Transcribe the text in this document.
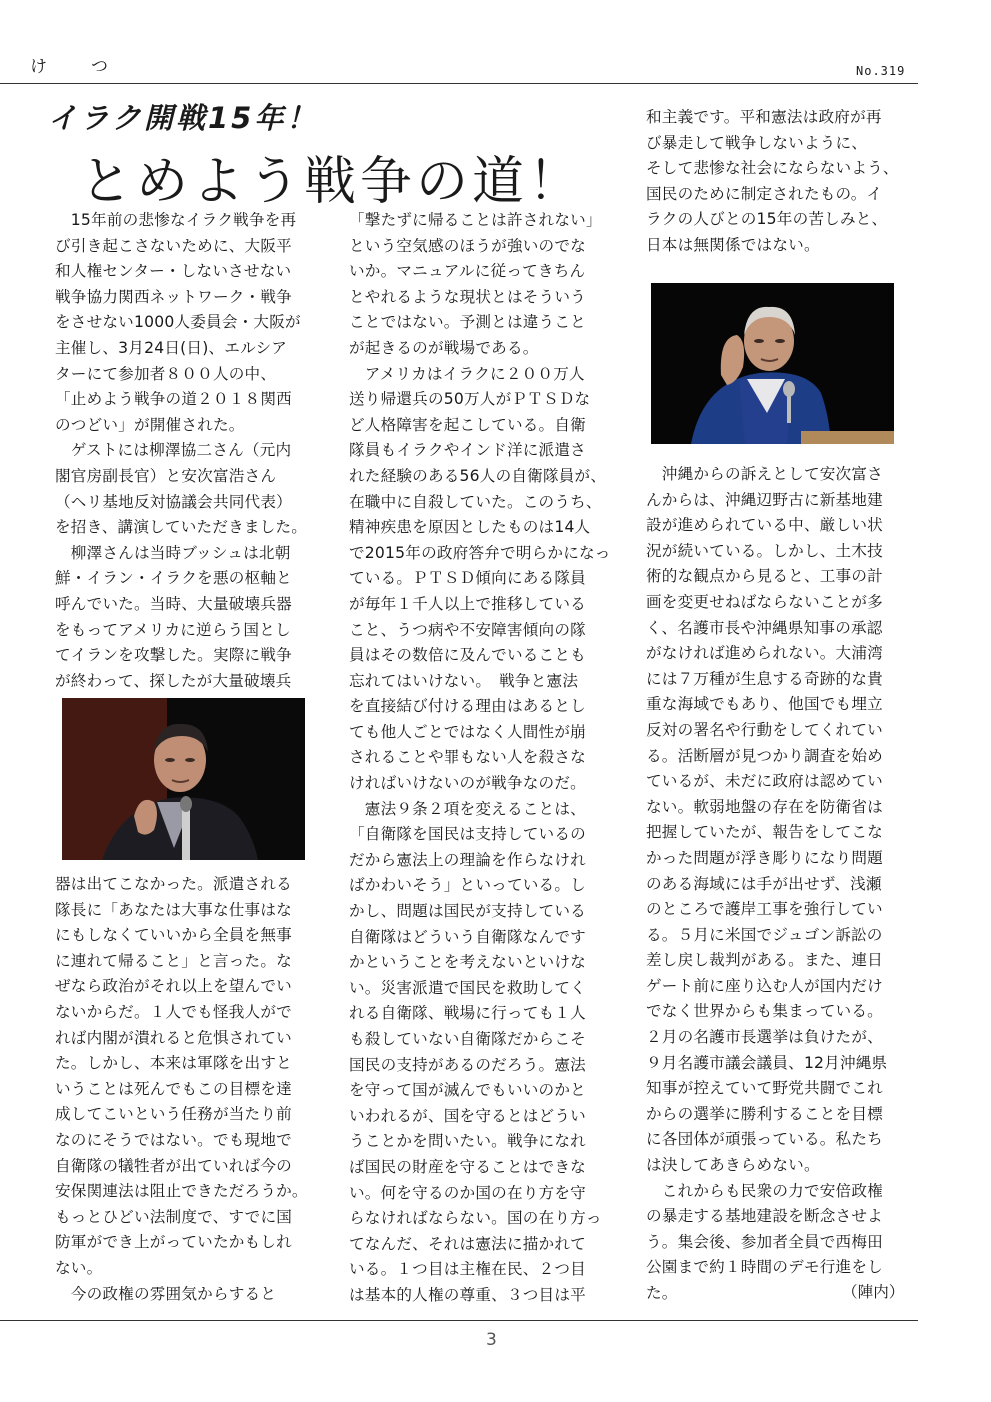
け つ	No.319
イラク開戦15年！
とめよう戦争の道！

　15年前の悲惨なイラク戦争を再
び引き起こさないために、大阪平
和人権センター・しないさせない
戦争協力関西ネットワーク・戦争
をさせない1000人委員会・大阪が
主催し、3月24日(日)、エルシア
ターにて参加者８００人の中、
「止めよう戦争の道２０１８関西
のつどい」が開催された。
　ゲストには柳澤協二さん（元内
閣官房副長官）と安次富浩さん
（ヘリ基地反対協議会共同代表）
を招き、講演していただきました。
　柳澤さんは当時ブッシュは北朝
鮮・イラン・イラクを悪の枢軸と
呼んでいた。当時、大量破壊兵器
をもってアメリカに逆らう国とし
てイランを攻撃した。実際に戦争
が終わって、探したが大量破壊兵

器は出てこなかった。派遣される
隊長に「あなたは大事な仕事はな
にもしなくていいから全員を無事
に連れて帰ること」と言った。な
ぜなら政治がそれ以上を望んでい
ないからだ。１人でも怪我人がで
れば内閣が潰れると危惧されてい
た。しかし、本来は軍隊を出すと
いうことは死んでもこの目標を達
成してこいという任務が当たり前
なのにそうではない。でも現地で
自衛隊の犠牲者が出ていれば今の
安保関連法は阻止できただろうか。
もっとひどい法制度で、すでに国
防軍ができ上がっていたかもしれ
ない。
　今の政権の雰囲気からすると

「撃たずに帰ることは許されない」
という空気感のほうが強いのでな
いか。マニュアルに従ってきちん
とやれるような現状とはそういう
ことではない。予測とは違うこと
が起きるのが戦場である。
　アメリカはイラクに２００万人
送り帰還兵の50万人がＰＴＳＤな
ど人格障害を起こしている。自衛
隊員もイラクやインド洋に派遣さ
れた経験のある56人の自衛隊員が、
在職中に自殺していた。このうち、
精神疾患を原因としたものは14人
で2015年の政府答弁で明らかになっ
ている。ＰＴＳＤ傾向にある隊員
が毎年１千人以上で推移している
こと、うつ病や不安障害傾向の隊
員はその数倍に及んでいることも
忘れてはいけない。　戦争と憲法
を直接結び付ける理由はあるとし
ても他人ごとではなく人間性が崩
されることや罪もない人を殺さな
ければいけないのが戦争なのだ。
　憲法９条２項を変えることは、
「自衛隊を国民は支持しているの
だから憲法上の理論を作らなけれ
ばかわいそう」といっている。し
かし、問題は国民が支持している
自衛隊はどういう自衛隊なんです
かということを考えないといけな
い。災害派遣で国民を救助してく
れる自衛隊、戦場に行っても１人
も殺していない自衛隊だからこそ
国民の支持があるのだろう。憲法
を守って国が滅んでもいいのかと
いわれるが、国を守るとはどうい
うことかを問いたい。戦争になれ
ば国民の財産を守ることはできな
い。何を守るのか国の在り方を守
らなければならない。国の在り方っ
てなんだ、それは憲法に描かれて
いる。１つ目は主権在民、２つ目
は基本的人権の尊重、３つ目は平

和主義です。平和憲法は政府が再
び暴走して戦争しないように、
そして悲惨な社会にならないよう、
国民のために制定されたもの。イ
ラクの人びとの15年の苦しみと、
日本は無関係ではない。

　沖縄からの訴えとして安次富さ
んからは、沖縄辺野古に新基地建
設が進められている中、厳しい状
況が続いている。しかし、土木技
術的な観点から見ると、工事の計
画を変更せねばならないことが多
く、名護市長や沖縄県知事の承認
がなければ進められない。大浦湾
には７万種が生息する奇跡的な貴
重な海域でもあり、他国でも埋立
反対の署名や行動をしてくれてい
る。活断層が見つかり調査を始め
ているが、未だに政府は認めてい
ない。軟弱地盤の存在を防衛省は
把握していたが、報告をしてこな
かった問題が浮き彫りになり問題
のある海域には手が出せず、浅瀬
のところで護岸工事を強行してい
る。５月に米国でジュゴン訴訟の
差し戻し裁判がある。また、連日
ゲート前に座り込む人が国内だけ
でなく世界からも集まっている。
２月の名護市長選挙は負けたが、
９月名護市議会議員、12月沖縄県
知事が控えていて野党共闘でこれ
からの選挙に勝利することを目標
に各団体が頑張っている。私たち
は決してあきらめない。
　これからも民衆の力で安倍政権
の暴走する基地建設を断念させよ
う。集会後、参加者全員で西梅田
公園まで約１時間のデモ行進をし
た。	（陣内）
3
